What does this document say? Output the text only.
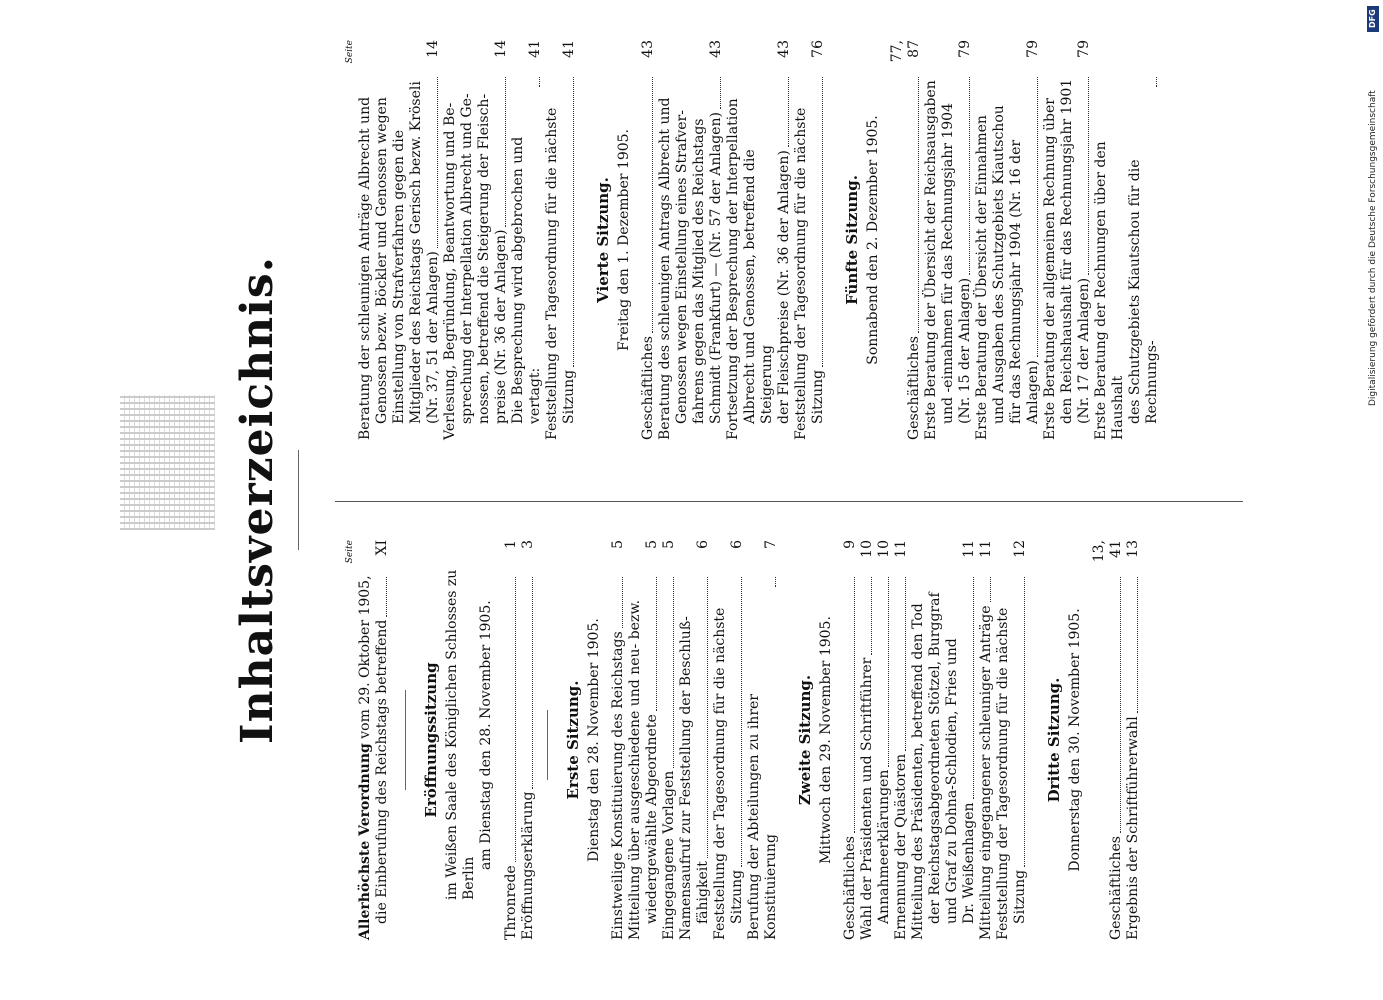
Inhaltsverzeichnis.	Seite
Allerhöchste Verordnung vom 29. Oktober 1905, die Einberufung des Reichstags betreffend
XI
Eröffnungssitzung im Weißen Saale des Königlichen Schlosses zu Berlin
am Dienstag den 28. November 1905.
Thronrede
1
Eröffnungserklärung
3
Erste Sitzung. Dienstag den 28. November 1905. Einstweilige Konstituierung des Reichstags
5
Mitteilung über ausgeschiedene und neu- bezw. wiedergewählte Abgeordnete
5
Eingegangene Vorlagen
5
Namensaufruf zur Feststellung der Beschluß- fähigkeit
6
Feststellung der Tagesordnung für die nächste Sitzung
6
Berufung der Abteilungen zu ihrer Konstituierung
7
Zweite Sitzung. Mittwoch den 29. November 1905.
Geschäftliches
9
Wahl der Präsidenten und Schriftführer
10
Annahmeerklärungen
10
Ernennung der Quästoren
11
Mitteilung des Präsidenten, betreffend den Tod der Reichstagsabgeordneten Stötzel, Burggraf und Graf zu Dohna-Schlodien, Fries und Dr. Weißenhagen
11
Mitteilung eingegangener schleuniger Anträge
11
Feststellung der Tagesordnung für die nächste Sitzung
12
Dritte Sitzung. Donnerstag den 30. November 1905.
Geschäftliches
13, 41
Ergebnis der Schriftführerwahl
13
Seite
Beratung der schleunigen Anträge Albrecht und Genossen bezw. Böckler und Genossen wegen Einstellung von Strafverfahren gegen die Mitglieder des Reichstags Gerisch bezw. Kröseli (Nr. 37, 51 der Anlagen)
14
Verlesung, Begründung, Beantwortung und Be- sprechung der Interpellation Albrecht und Ge- nossen, betreffend die Steigerung der Fleisch- preise (Nr. 36 der Anlagen)
14
Die Besprechung wird abgebrochen und vertagt:
41
Feststellung der Tagesordnung für die nächste Sitzung
41
Vierte Sitzung. Freitag den 1. Dezember 1905.
Geschäftliches
43
Beratung des schleunigen Antrags Albrecht und Genossen wegen Einstellung eines Strafver- fahrens gegen das Mitglied des Reichstags Schmidt (Frankfurt) — (Nr. 57 der Anlagen)
43
Fortsetzung der Besprechung der Interpellation Albrecht und Genossen, betreffend die Steigerung der Fleischpreise (Nr. 36 der Anlagen)
43
Feststellung der Tagesordnung für die nächste Sitzung
76
Fünfte Sitzung. Sonnabend den 2. Dezember 1905.
Geschäftliches
77, 87
Erste Beratung der Übersicht der Reichsausgaben und -einnahmen für das Rechnungsjahr 1904 (Nr. 15 der Anlagen)
79
Erste Beratung der Übersicht der Einnahmen und Ausgaben des Schutzgebiets Kiautschou für das Rechnungsjahr 1904 (Nr. 16 der Anlagen)
79
Erste Beratung der allgemeinen Rechnung über den Reichshaushalt für das Rechnungsjahr 1901 (Nr. 17 der Anlagen)
79
Erste Beratung der Rechnungen über den Haushalt des Schutzgebiets Kiautschou für die Rechnungs-
DFG
Digitalisierung gefördert durch die Deutsche Forschungsgemeinschaft
